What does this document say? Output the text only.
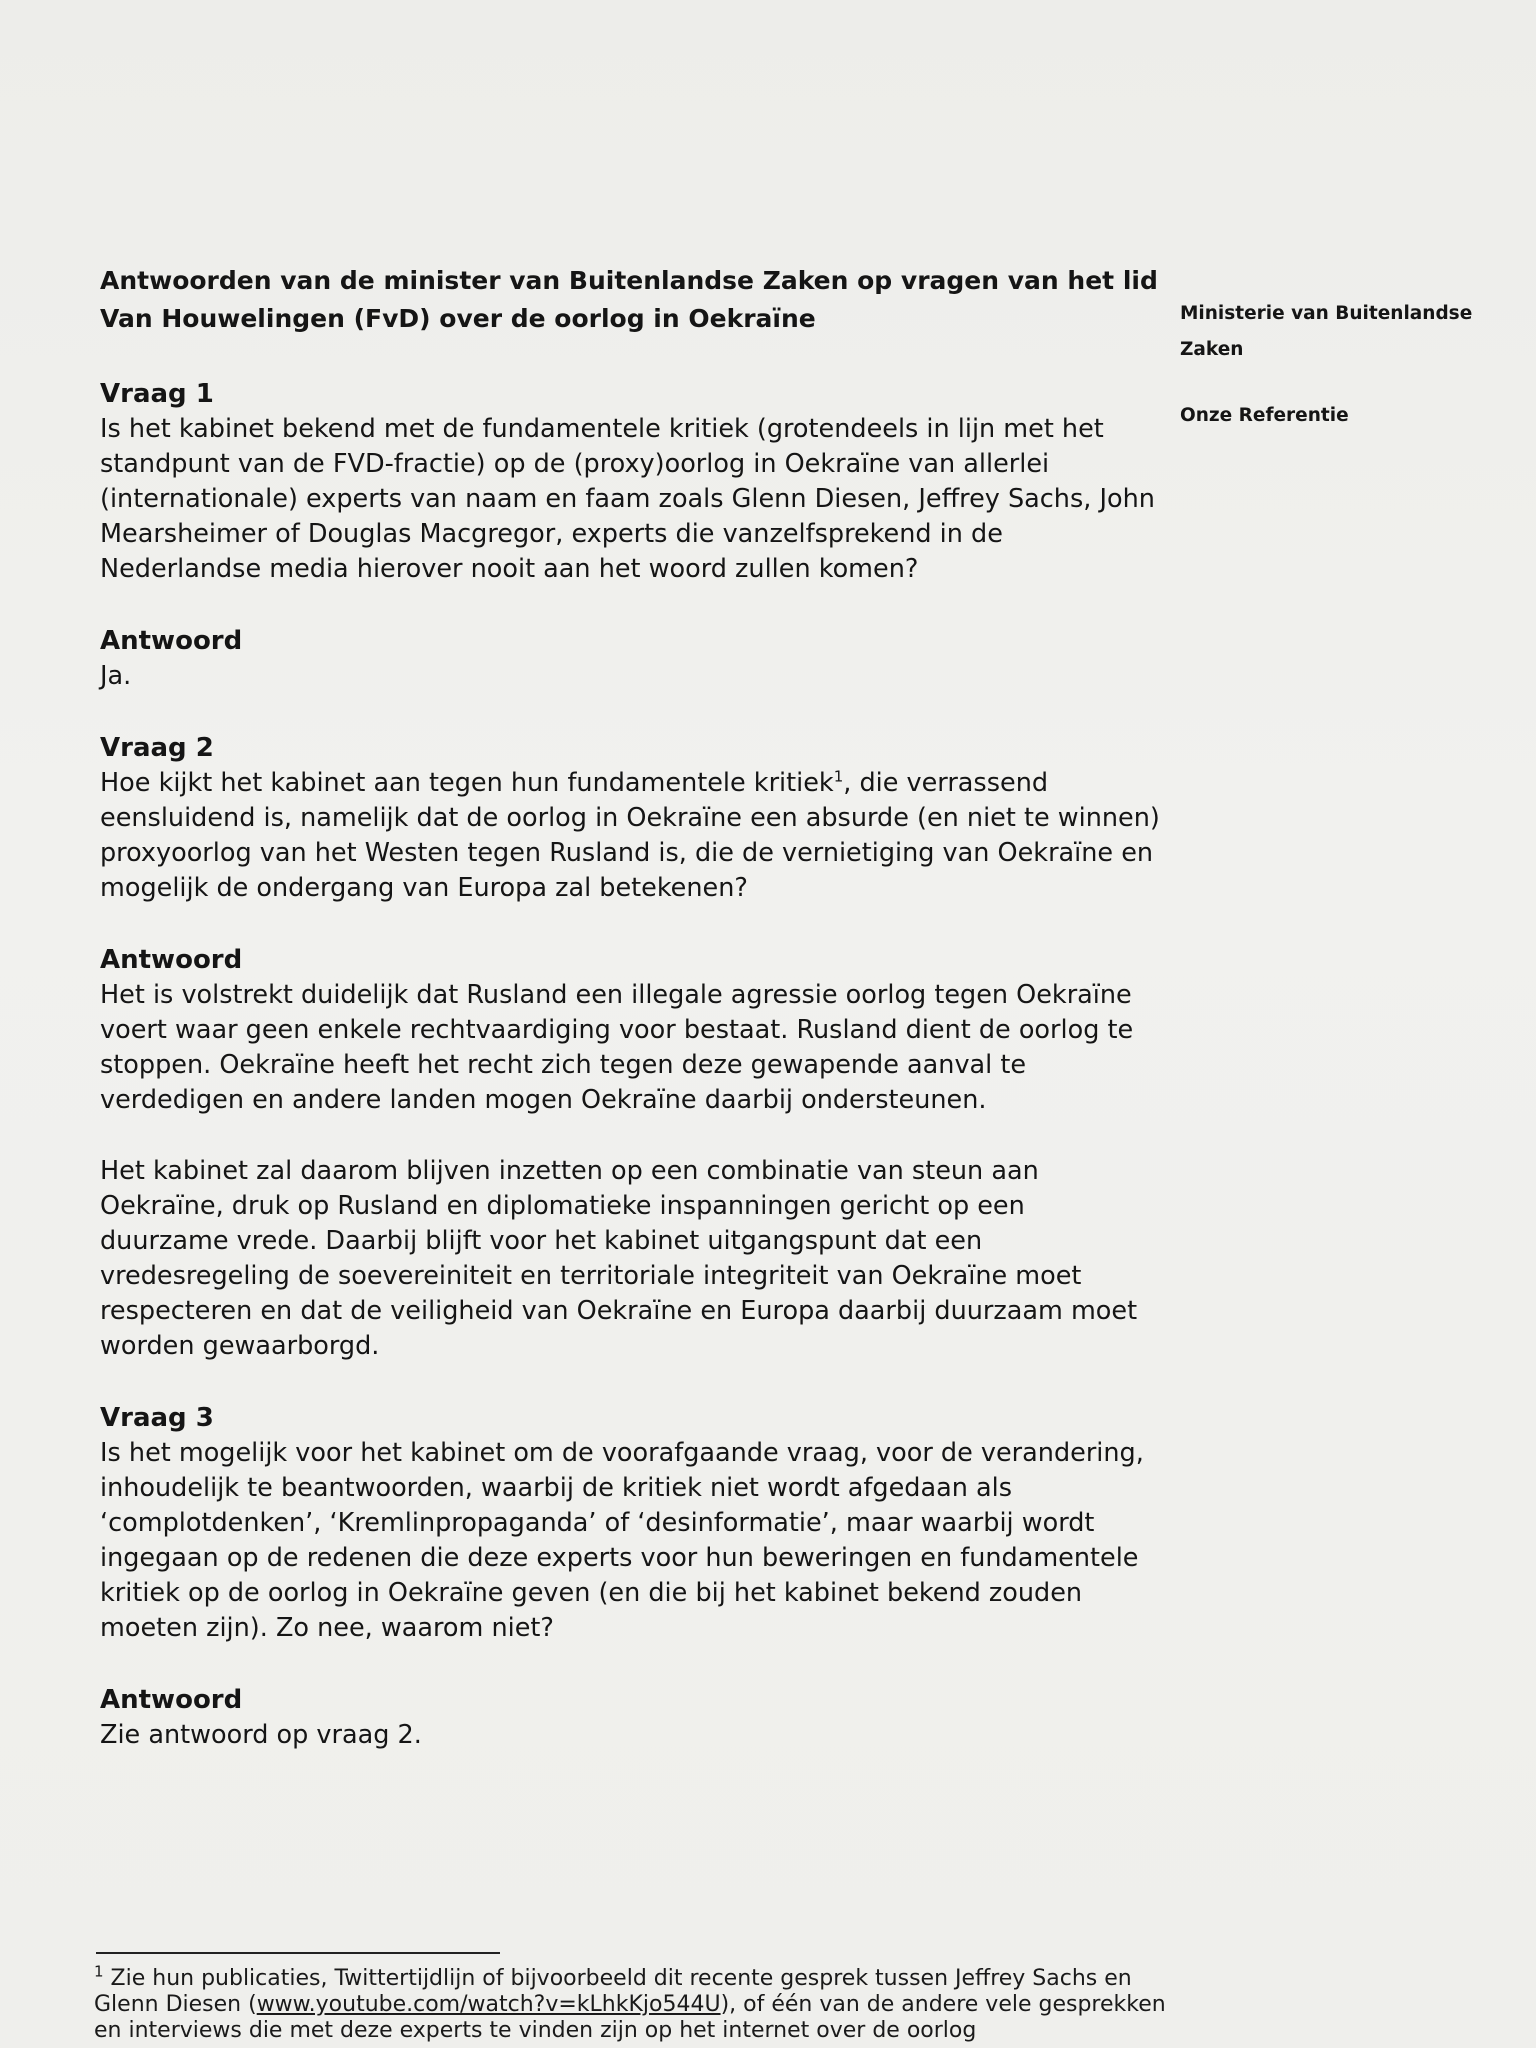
Antwoorden van de minister van Buitenlandse Zaken op vragen van het lid Van Houwelingen (FvD) over de oorlog in Oekraïne
Vraag 1
Is het kabinet bekend met de fundamentele kritiek (grotendeels in lijn met het standpunt van de FVD-fractie) op de (proxy)oorlog in Oekraïne van allerlei (internationale) experts van naam en faam zoals Glenn Diesen, Jeffrey Sachs, John Mearsheimer of Douglas Macgregor, experts die vanzelfsprekend in de Nederlandse media hierover nooit aan het woord zullen komen?
Antwoord
Ja.
Vraag 2
Hoe kijkt het kabinet aan tegen hun fundamentele kritiek$^1$, die verrassend eensluidend is, namelijk dat de oorlog in Oekraïne een absurde (en niet te winnen) proxyoorlog van het Westen tegen Rusland is, die de vernietiging van Oekraïne en mogelijk de ondergang van Europa zal betekenen?
Antwoord
Het is volstrekt duidelijk dat Rusland een illegale agressie oorlog tegen Oekraïne voert waar geen enkele rechtvaardiging voor bestaat. Rusland dient de oorlog te stoppen. Oekraïne heeft het recht zich tegen deze gewapende aanval te verdedigen en andere landen mogen Oekraïne daarbij ondersteunen.
Het kabinet zal daarom blijven inzetten op een combinatie van steun aan Oekraïne, druk op Rusland en diplomatieke inspanningen gericht op een duurzame vrede. Daarbij blijft voor het kabinet uitgangspunt dat een vredesregeling de soevereiniteit en territoriale integriteit van Oekraïne moet respecteren en dat de veiligheid van Oekraïne en Europa daarbij duurzaam moet worden gewaarborgd.
Vraag 3
Is het mogelijk voor het kabinet om de voorafgaande vraag, voor de verandering, inhoudelijk te beantwoorden, waarbij de kritiek niet wordt afgedaan als ‘complotdenken’, ‘Kremlinpropaganda’ of ‘desinformatie’, maar waarbij wordt ingegaan op de redenen die deze experts voor hun beweringen en fundamentele kritiek op de oorlog in Oekraïne geven (en die bij het kabinet bekend zouden moeten zijn). Zo nee, waarom niet?
Antwoord
Zie antwoord op vraag 2.
Ministerie van Buitenlandse Zaken
Onze Referentie
$^1$ Zie hun publicaties, Twittertijdlijn of bijvoorbeeld dit recente gesprek tussen Jeffrey Sachs en Glenn Diesen (www.youtube.com/watch?v=kLhkKjo544U), of één van de andere vele gesprekken en interviews die met deze experts te vinden zijn op het internet over de oorlog
